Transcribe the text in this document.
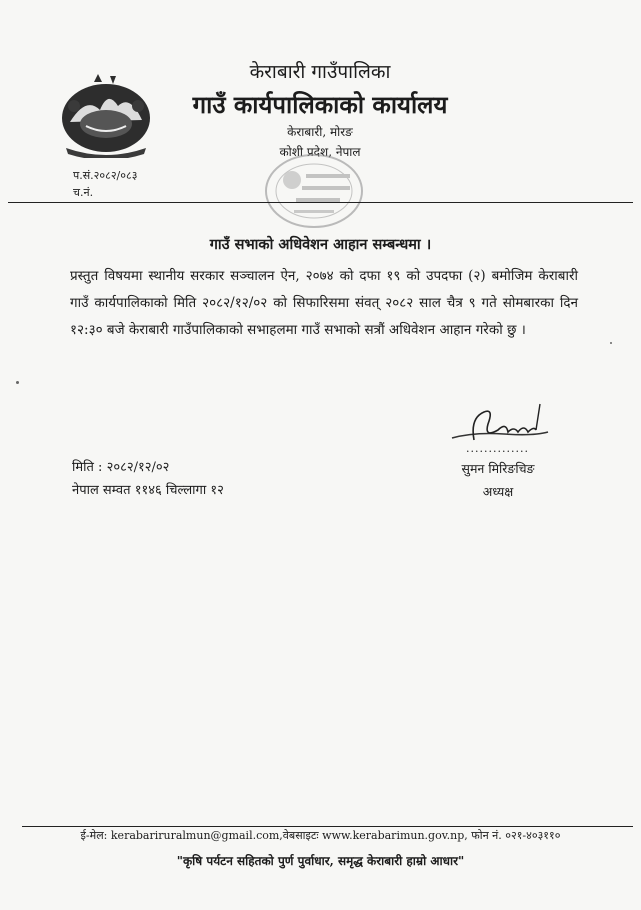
केराबारी गाउँपालिका
गाउँ कार्यपालिकाको कार्यालय
केराबारी, मोरङ
कोशी प्रदेश, नेपाल
प.सं.२०८२/०८३
च.नं.
गाउँ सभाको अधिवेशन आहान सम्बन्धमा ।
प्रस्तुत विषयमा स्थानीय सरकार सञ्चालन ऐन, २०७४ को दफा १९ को उपदफा (२) बमोजिम केराबारी गाउँ कार्यपालिकाको मिति २०८२/१२/०२ को सिफारिसमा संवत् २०८२ साल चैत्र ९ गते सोमबारका दिन १२:३० बजे केराबारी गाउँपालिकाको सभाहलमा गाउँ सभाको सत्रौं अधिवेशन आहान गरेको छु ।
..............
सुमन मिरिङचिङ
अध्यक्ष
मिति : २०८२/१२/०२
नेपाल सम्वत ११४६ चिल्लागा १२
ई-मेल: kerabariruralmun@gmail.com,वेबसाइटः www.kerabarimun.gov.np, फोन नं. ०२१-४०३११०
"कृषि पर्यटन सहितको पुर्ण पुर्वाधार, समृद्ध केराबारी हाम्रो आधार"
